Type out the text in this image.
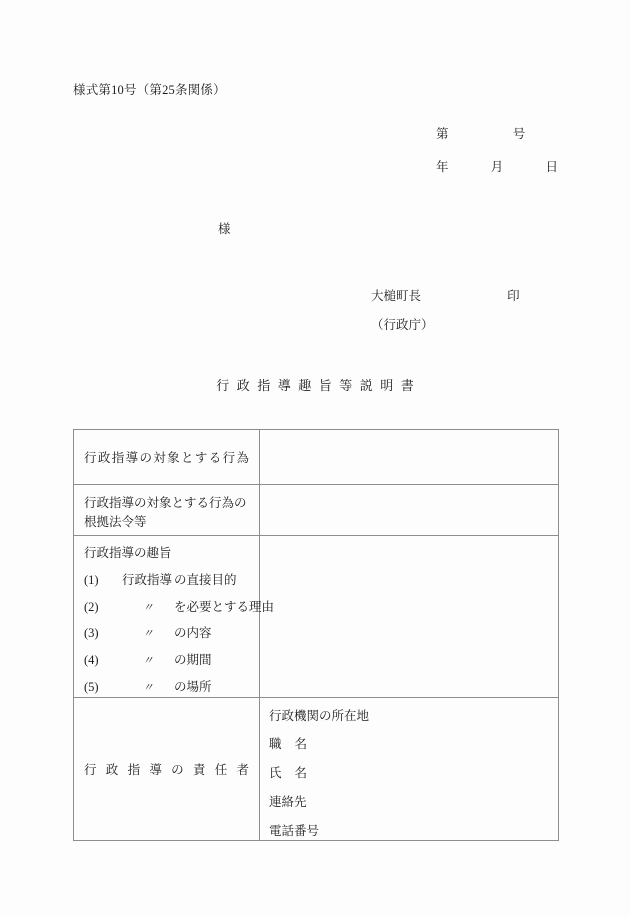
様式第10号（第25条関係）
第	号
年	月	日
様
大槌町長	印
（行政庁）
行政指導趣旨等説明書
行政指導の対象とする行為	

行政指導の対象とする行為の根拠法令等	

行政指導の趣旨
(1) 行政指導 の直接目的
(2)	〃 を必要とする理由
(3)	〃 の内容
(4)	〃 の期間
(5)	〃 の場所

行政指導の責任者	行政機関の所在地
職 名
氏 名
連絡先
電話番号
